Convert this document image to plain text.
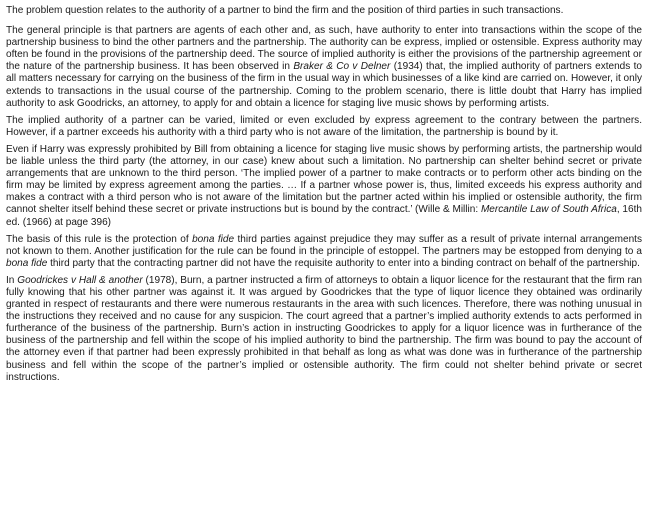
The problem question relates to the authority of a partner to bind the firm and the position of third parties in such transactions.

The general principle is that partners are agents of each other and, as such, have authority to enter into transactions within the scope of the partnership business to bind the other partners and the partnership. The authority can be express, implied or ostensible. Express authority may often be found in the provisions of the partnership deed. The source of implied authority is either the provisions of the partnership agreement or the nature of the partnership business. It has been observed in Braker & Co v Delner (1934) that, the implied authority of partners extends to all matters necessary for carrying on the business of the firm in the usual way in which businesses of a like kind are carried on. However, it only extends to transactions in the usual course of the partnership. Coming to the problem scenario, there is little doubt that Harry has implied authority to ask Goodricks, an attorney, to apply for and obtain a licence for staging live music shows by performing artists.

The implied authority of a partner can be varied, limited or even excluded by express agreement to the contrary between the partners. However, if a partner exceeds his authority with a third party who is not aware of the limitation, the partnership is bound by it.

Even if Harry was expressly prohibited by Bill from obtaining a licence for staging live music shows by performing artists, the partnership would be liable unless the third party (the attorney, in our case) knew about such a limitation. No partnership can shelter behind secret or private arrangements that are unknown to the third person. ‘The implied power of a partner to make contracts or to perform other acts binding on the firm may be limited by express agreement among the parties. … If a partner whose power is, thus, limited exceeds his express authority and makes a contract with a third person who is not aware of the limitation but the partner acted within his implied or ostensible authority, the firm cannot shelter itself behind these secret or private instructions but is bound by the contract.’ (Wille & Millin: Mercantile Law of South Africa, 16th ed. (1966) at page 396)

The basis of this rule is the protection of bona fide third parties against prejudice they may suffer as a result of private internal arrangements not known to them. Another justification for the rule can be found in the principle of estoppel. The partners may be estopped from denying to a bona fide third party that the contracting partner did not have the requisite authority to enter into a binding contract on behalf of the partnership.

In Goodrickes v Hall & another (1978), Burn, a partner instructed a firm of attorneys to obtain a liquor licence for the restaurant that the firm ran fully knowing that his other partner was against it. It was argued by Goodrickes that the type of liquor licence they obtained was ordinarily granted in respect of restaurants and there were numerous restaurants in the area with such licences. Therefore, there was nothing unusual in the instructions they received and no cause for any suspicion. The court agreed that a partner’s implied authority extends to acts performed in furtherance of the business of the partnership. Burn’s action in instructing Goodrickes to apply for a liquor licence was in furtherance of the business of the partnership and fell within the scope of his implied authority to bind the partnership. The firm was bound to pay the account of the attorney even if that partner had been expressly prohibited in that behalf as long as what was done was in furtherance of the partnership business and fell within the scope of the partner’s implied or ostensible authority. The firm could not shelter behind private or secret instructions.
